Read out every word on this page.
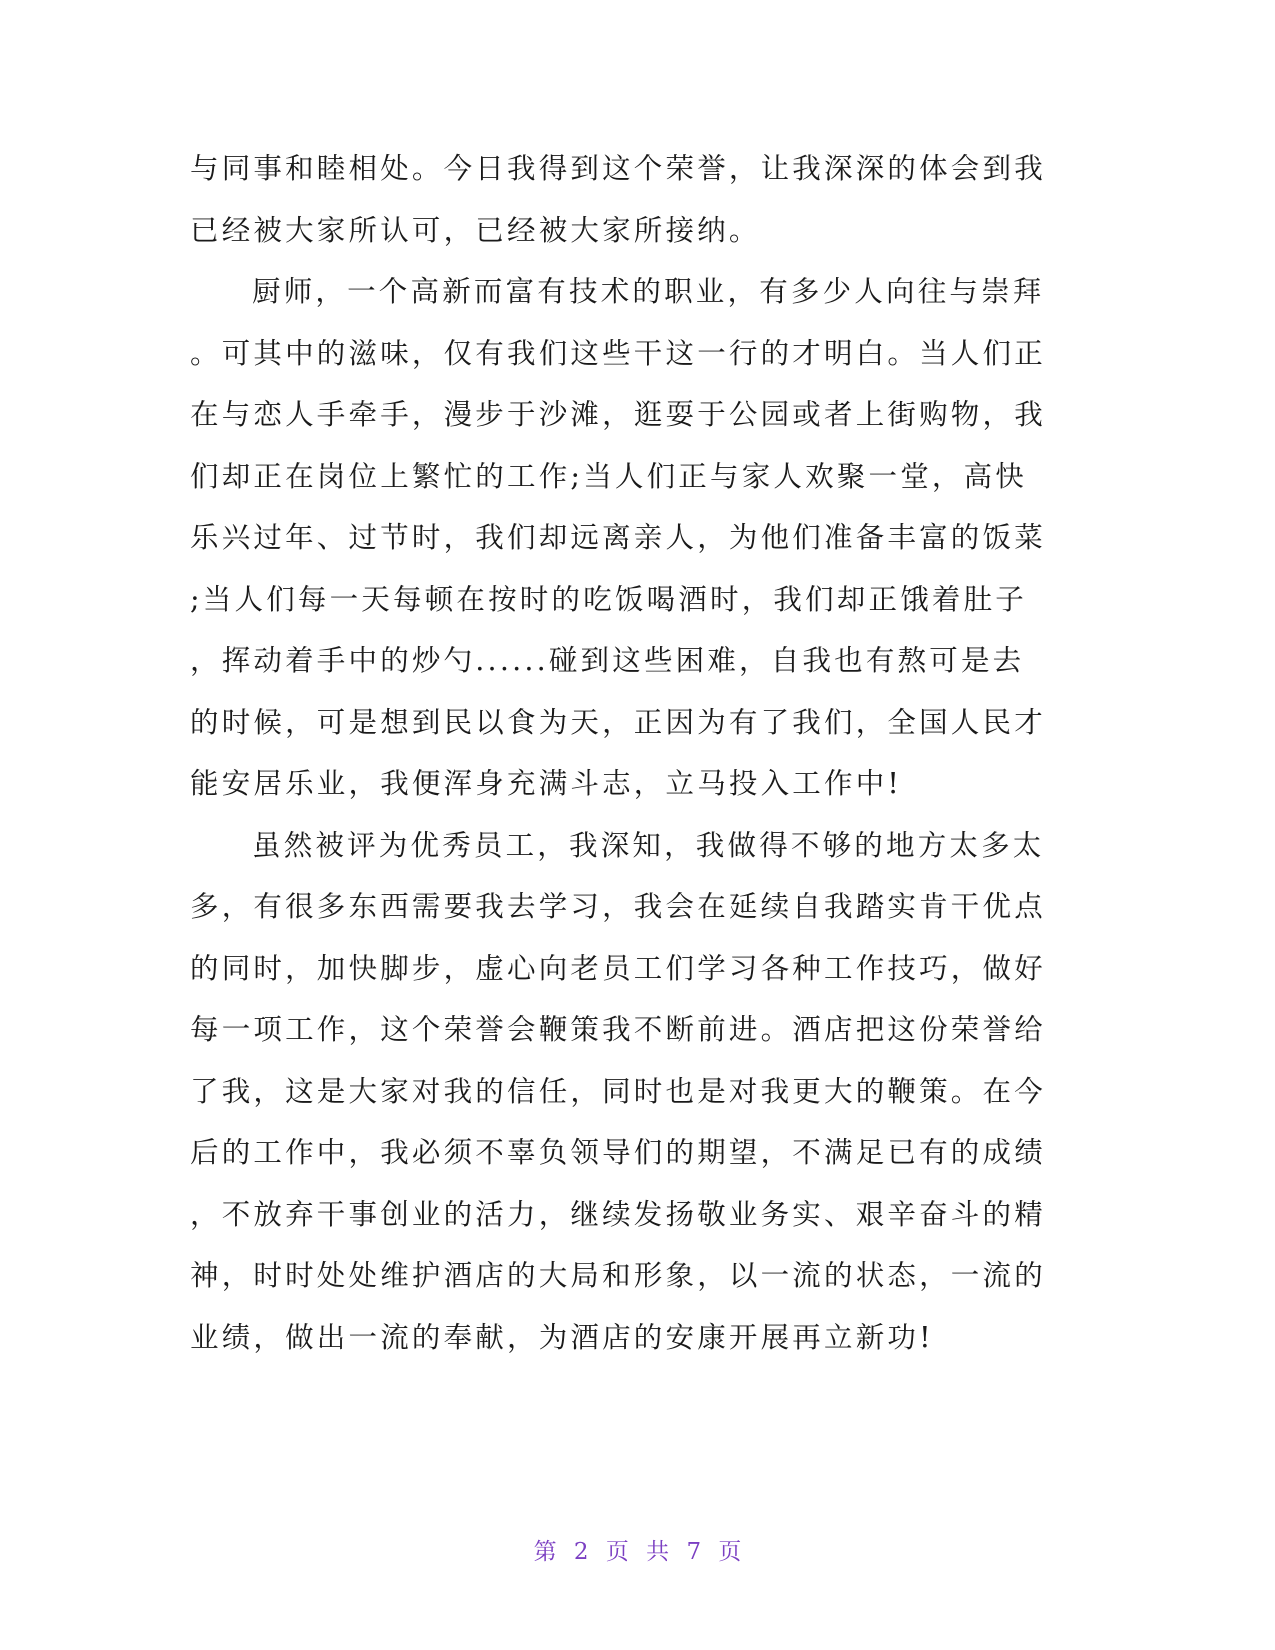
与同事和睦相处。今日我得到这个荣誉，让我深深的体会到我
已经被大家所认可，已经被大家所接纳。
厨师，一个高新而富有技术的职业，有多少人向往与崇拜
。可其中的滋味，仅有我们这些干这一行的才明白。当人们正
在与恋人手牵手，漫步于沙滩，逛耍于公园或者上街购物，我
们却正在岗位上繁忙的工作;当人们正与家人欢聚一堂，高快
乐兴过年、过节时，我们却远离亲人，为他们准备丰富的饭菜
;当人们每一天每顿在按时的吃饭喝酒时，我们却正饿着肚子
，挥动着手中的炒勺......碰到这些困难，自我也有熬可是去
的时候，可是想到民以食为天，正因为有了我们，全国人民才
能安居乐业，我便浑身充满斗志，立马投入工作中!
虽然被评为优秀员工，我深知，我做得不够的地方太多太
多，有很多东西需要我去学习，我会在延续自我踏实肯干优点
的同时，加快脚步，虚心向老员工们学习各种工作技巧，做好
每一项工作，这个荣誉会鞭策我不断前进。酒店把这份荣誉给
了我，这是大家对我的信任，同时也是对我更大的鞭策。在今
后的工作中，我必须不辜负领导们的期望，不满足已有的成绩
，不放弃干事创业的活力，继续发扬敬业务实、艰辛奋斗的精
神，时时处处维护酒店的大局和形象，以一流的状态，一流的
业绩，做出一流的奉献，为酒店的安康开展再立新功!
第 2 页 共 7 页
